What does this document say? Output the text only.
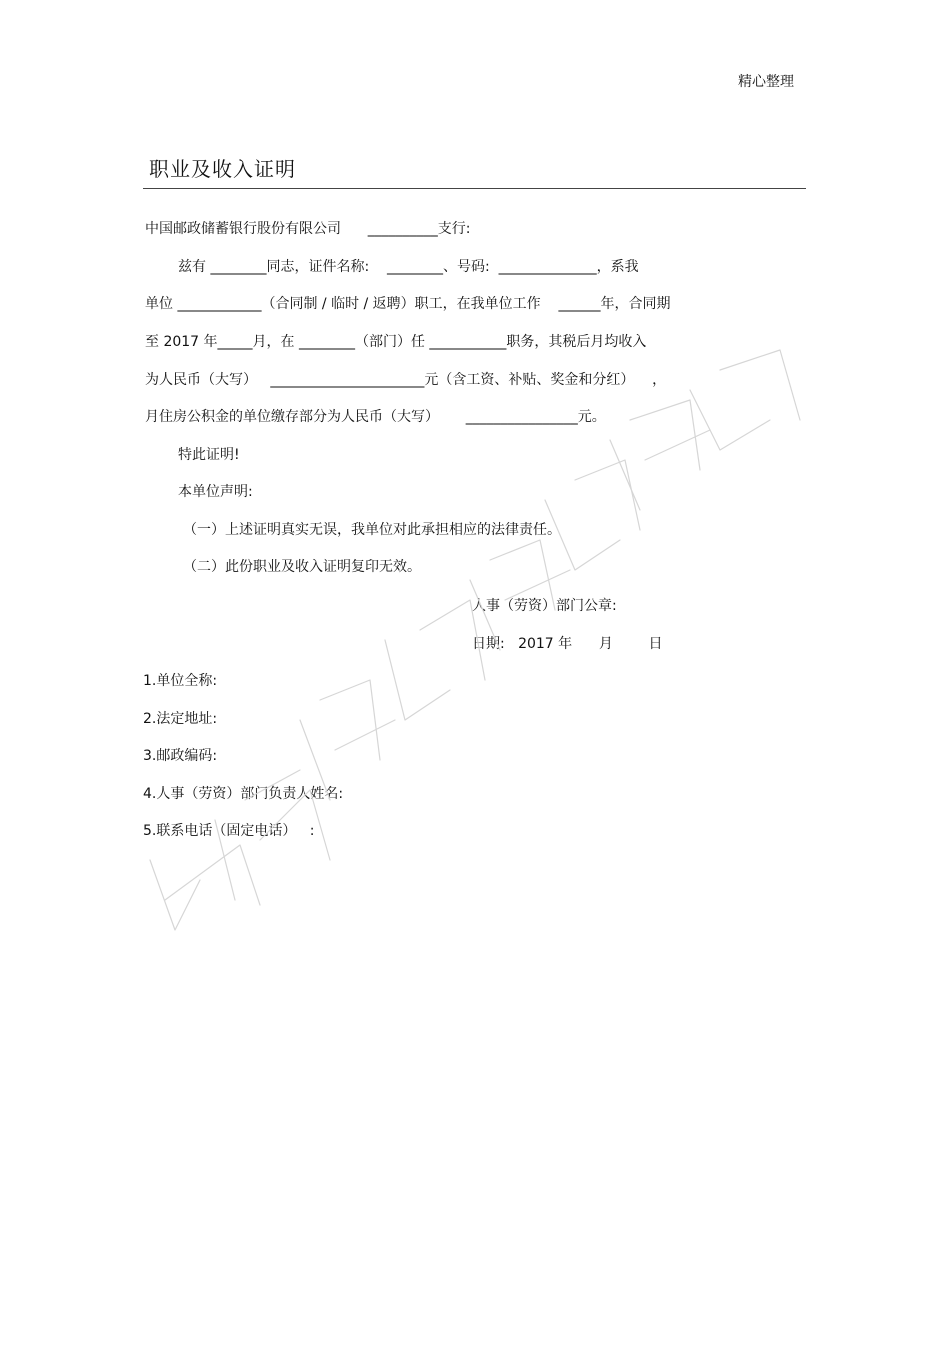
精心整理
职业及收入证明
中国邮政储蓄银行股份有限公司      __________支行:
兹有 ________同志，证件名称:    ________、号码:  ______________，系我
单位 ____________（合同制 / 临时 / 返聘）职工，在我单位工作    ______年，合同期
至 2017 年_____月，在 ________（部门）任 ___________职务，其税后月均收入
为人民币（大写）   ______________________元（含工资、补贴、奖金和分红）    ，
月住房公积金的单位缴存部分为人民币（大写）      ________________元。
特此证明!
本单位声明:
（一）上述证明真实无误，我单位对此承担相应的法律责任。
（二）此份职业及收入证明复印无效。
人事（劳资）部门公章:
日期:   2017 年      月        日
1.单位全称:
2.法定地址:
3.邮政编码:
4.人事（劳资）部门负责人姓名:
5.联系电话（固定电话）   :
